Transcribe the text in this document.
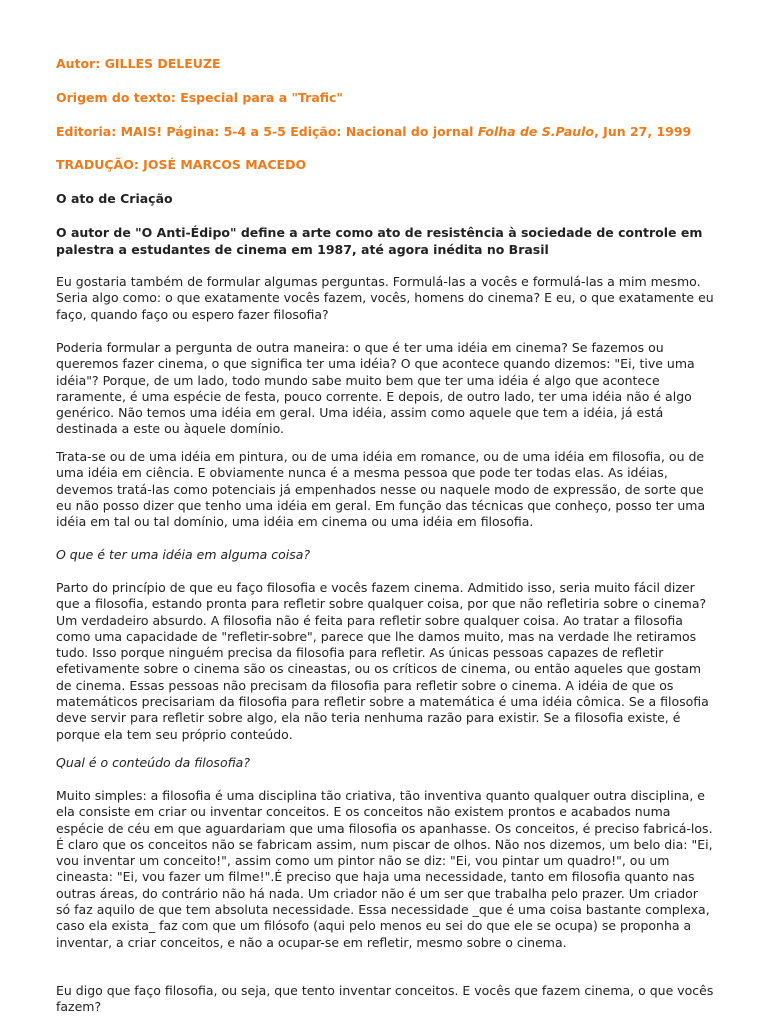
Autor: GILLES DELEUZE

Origem do texto: Especial para a "Trafic"

Editoria: MAIS! Página: 5-4 a 5-5 Edição: Nacional do jornal Folha de S.Paulo, Jun 27, 1999

TRADUÇÃO: JOSÉ MARCOS MACEDO

O ato de Criação

O autor de "O Anti-Édipo" define a arte como ato de resistência à sociedade de controle em palestra a estudantes de cinema em 1987, até agora inédita no Brasil

Eu gostaria também de formular algumas perguntas. Formulá-las a vocês e formulá-las a mim mesmo. Seria algo como: o que exatamente vocês fazem, vocês, homens do cinema? E eu, o que exatamente eu faço, quando faço ou espero fazer filosofia?

Poderia formular a pergunta de outra maneira: o que é ter uma idéia em cinema? Se fazemos ou queremos fazer cinema, o que significa ter uma idéia? O que acontece quando dizemos: "Ei, tive uma idéia"? Porque, de um lado, todo mundo sabe muito bem que ter uma idéia é algo que acontece raramente, é uma espécie de festa, pouco corrente. E depois, de outro lado, ter uma idéia não é algo genérico. Não temos uma idéia em geral. Uma idéia, assim como aquele que tem a idéia, já está destinada a este ou àquele domínio.

Trata-se ou de uma idéia em pintura, ou de uma idéia em romance, ou de uma idéia em filosofia, ou de uma idéia em ciência. E obviamente nunca é a mesma pessoa que pode ter todas elas. As idéias, devemos tratá-las como potenciais já empenhados nesse ou naquele modo de expressão, de sorte que eu não posso dizer que tenho uma idéia em geral. Em função das técnicas que conheço, posso ter uma idéia em tal ou tal domínio, uma idéia em cinema ou uma idéia em filosofia.

O que é ter uma idéia em alguma coisa?

Parto do princípio de que eu faço filosofia e vocês fazem cinema. Admitido isso, seria muito fácil dizer que a filosofia, estando pronta para refletir sobre qualquer coisa, por que não refletiria sobre o cinema? Um verdadeiro absurdo. A filosofia não é feita para refletir sobre qualquer coisa. Ao tratar a filosofia como uma capacidade de "refletir-sobre", parece que lhe damos muito, mas na verdade lhe retiramos tudo. Isso porque ninguém precisa da filosofia para refletir. As únicas pessoas capazes de refletir efetivamente sobre o cinema são os cineastas, ou os críticos de cinema, ou então aqueles que gostam de cinema. Essas pessoas não precisam da filosofia para refletir sobre o cinema. A idéia de que os matemáticos precisariam da filosofia para refletir sobre a matemática é uma idéia cômica. Se a filosofia deve servir para refletir sobre algo, ela não teria nenhuma razão para existir. Se a filosofia existe, é porque ela tem seu próprio conteúdo.

Qual é o conteúdo da filosofia?

Muito simples: a filosofia é uma disciplina tão criativa, tão inventiva quanto qualquer outra disciplina, e ela consiste em criar ou inventar conceitos. E os conceitos não existem prontos e acabados numa espécie de céu em que aguardariam que uma filosofia os apanhasse. Os conceitos, é preciso fabricá-los. É claro que os conceitos não se fabricam assim, num piscar de olhos. Não nos dizemos, um belo dia: "Ei, vou inventar um conceito!", assim como um pintor não se diz: "Ei, vou pintar um quadro!", ou um cineasta: "Ei, vou fazer um filme!".É preciso que haja uma necessidade, tanto em filosofia quanto nas outras áreas, do contrário não há nada. Um criador não é um ser que trabalha pelo prazer. Um criador só faz aquilo de que tem absoluta necessidade. Essa necessidade _que é uma coisa bastante complexa, caso ela exista_ faz com que um filósofo (aqui pelo menos eu sei do que ele se ocupa) se proponha a inventar, a criar conceitos, e não a ocupar-se em refletir, mesmo sobre o cinema.

Eu digo que faço filosofia, ou seja, que tento inventar conceitos. E vocês que fazem cinema, o que vocês fazem?
